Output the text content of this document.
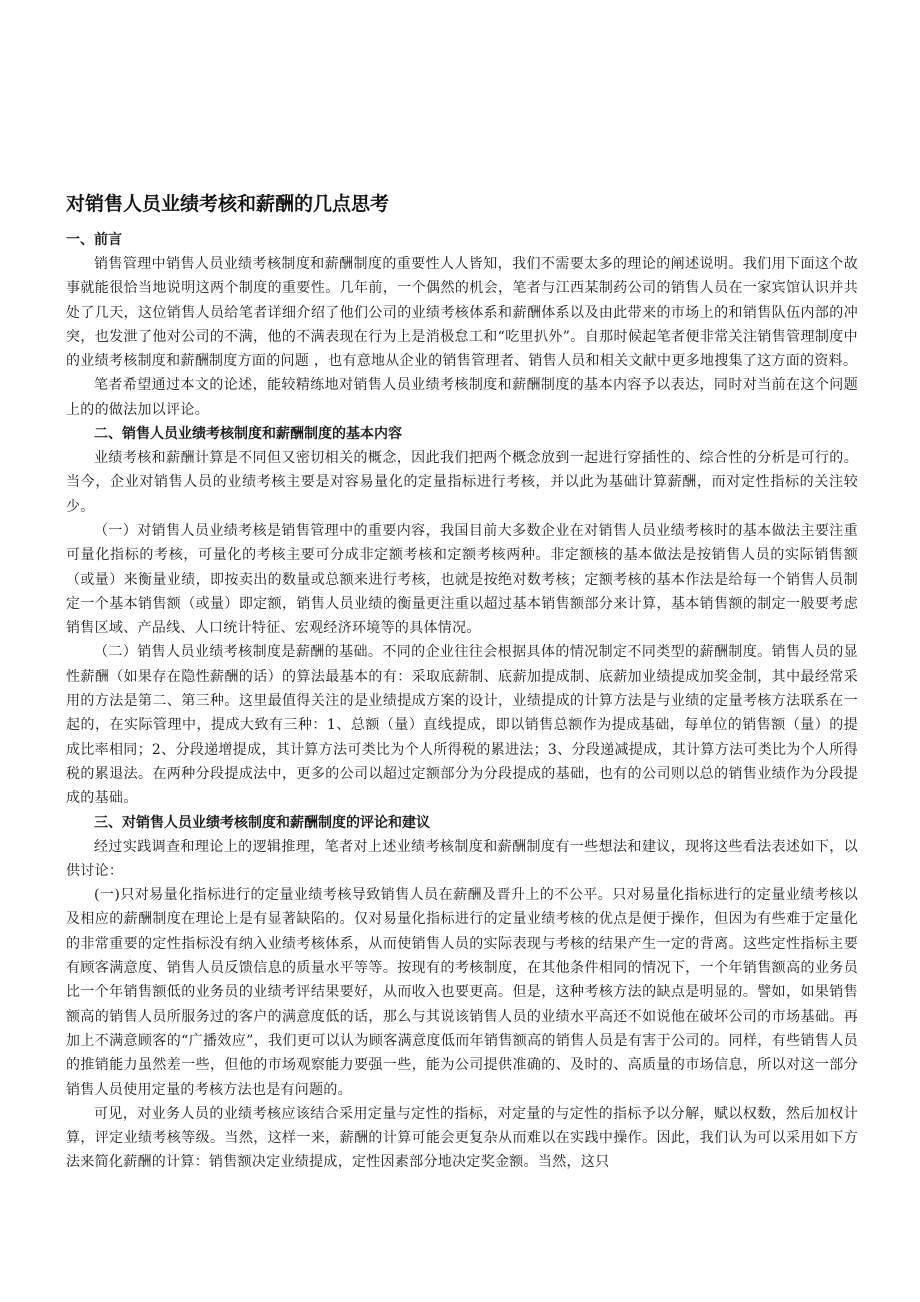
对销售人员业绩考核和薪酬的几点思考
一、前言

销售管理中销售人员业绩考核制度和薪酬制度的重要性人人皆知，我们不需要太多的理论的阐述说明。我们用下面这个故事就能很恰当地说明这两个制度的重要性。几年前，一个偶然的机会，笔者与江西某制药公司的销售人员在一家宾馆认识并共处了几天，这位销售人员给笔者详细介绍了他们公司的业绩考核体系和薪酬体系以及由此带来的市场上的和销售队伍内部的冲突，也发泄了他对公司的不满，他的不满表现在行为上是消极怠工和“吃里扒外”。自那时候起笔者便非常关注销售管理制度中的业绩考核制度和薪酬制度方面的问题 ，也有意地从企业的销售管理者、销售人员和相关文献中更多地搜集了这方面的资料。

笔者希望通过本文的论述，能较精练地对销售人员业绩考核制度和薪酬制度的基本内容予以表达，同时对当前在这个问题上的的做法加以评论。

二、销售人员业绩考核制度和薪酬制度的基本内容

业绩考核和薪酬计算是不同但又密切相关的概念，因此我们把两个概念放到一起进行穿插性的、综合性的分析是可行的。当今，企业对销售人员的业绩考核主要是对容易量化的定量指标进行考核，并以此为基础计算薪酬，而对定性指标的关注较少。

（一）对销售人员业绩考核是销售管理中的重要内容，我国目前大多数企业在对销售人员业绩考核时的基本做法主要注重可量化指标的考核，可量化的考核主要可分成非定额考核和定额考核两种。非定额核的基本做法是按销售人员的实际销售额（或量）来衡量业绩，即按卖出的数量或总额来进行考核，也就是按绝对数考核；定额考核的基本作法是给每一个销售人员制定一个基本销售额（或量）即定额，销售人员业绩的衡量更注重以超过基本销售额部分来计算，基本销售额的制定一般要考虑销售区域、产品线、人口统计特征、宏观经济环境等的具体情况。

（二）销售人员业绩考核制度是薪酬的基础。不同的企业往往会根据具体的情况制定不同类型的薪酬制度。销售人员的显性薪酬（如果存在隐性薪酬的话）的算法最基本的有：采取底薪制、底薪加提成制、底薪加业绩提成加奖金制，其中最经常采用的方法是第二、第三种。这里最值得关注的是业绩提成方案的设计，业绩提成的计算方法是与业绩的定量考核方法联系在一起的，在实际管理中，提成大致有三种：1、总额（量）直线提成，即以销售总额作为提成基础，每单位的销售额（量）的提成比率相同；2、分段递增提成，其计算方法可类比为个人所得税的累进法；3、分段递减提成，其计算方法可类比为个人所得税的累退法。在两种分段提成法中，更多的公司以超过定额部分为分段提成的基础，也有的公司则以总的销售业绩作为分段提成的基础。

三、对销售人员业绩考核制度和薪酬制度的评论和建议

经过实践调查和理论上的逻辑推理，笔者对上述业绩考核制度和薪酬制度有一些想法和建议，现将这些看法表述如下，以供讨论：

(一)只对易量化指标进行的定量业绩考核导致销售人员在薪酬及晋升上的不公平。只对易量化指标进行的定量业绩考核以及相应的薪酬制度在理论上是有显著缺陷的。仅对易量化指标进行的定量业绩考核的优点是便于操作，但因为有些难于定量化的非常重要的定性指标没有纳入业绩考核体系，从而使销售人员的实际表现与考核的结果产生一定的背离。这些定性指标主要有顾客满意度、销售人员反馈信息的质量水平等等。按现有的考核制度，在其他条件相同的情况下，一个年销售额高的业务员比一个年销售额低的业务员的业绩考评结果要好，从而收入也要更高。但是，这种考核方法的缺点是明显的。譬如，如果销售额高的销售人员所服务过的客户的满意度低的话，那么与其说该销售人员的业绩水平高还不如说他在破坏公司的市场基础。再加上不满意顾客的“广播效应”，我们更可以认为顾客满意度低而年销售额高的销售人员是有害于公司的。同样，有些销售人员的推销能力虽然差一些，但他的市场观察能力要强一些，能为公司提供准确的、及时的、高质量的市场信息，所以对这一部分销售人员使用定量的考核方法也是有问题的。

可见，对业务人员的业绩考核应该结合采用定量与定性的指标，对定量的与定性的指标予以分解，赋以权数，然后加权计算，评定业绩考核等级。当然，这样一来，薪酬的计算可能会更复杂从而难以在实践中操作。因此，我们认为可以采用如下方法来简化薪酬的计算：销售额决定业绩提成，定性因素部分地决定奖金额。当然，这只
